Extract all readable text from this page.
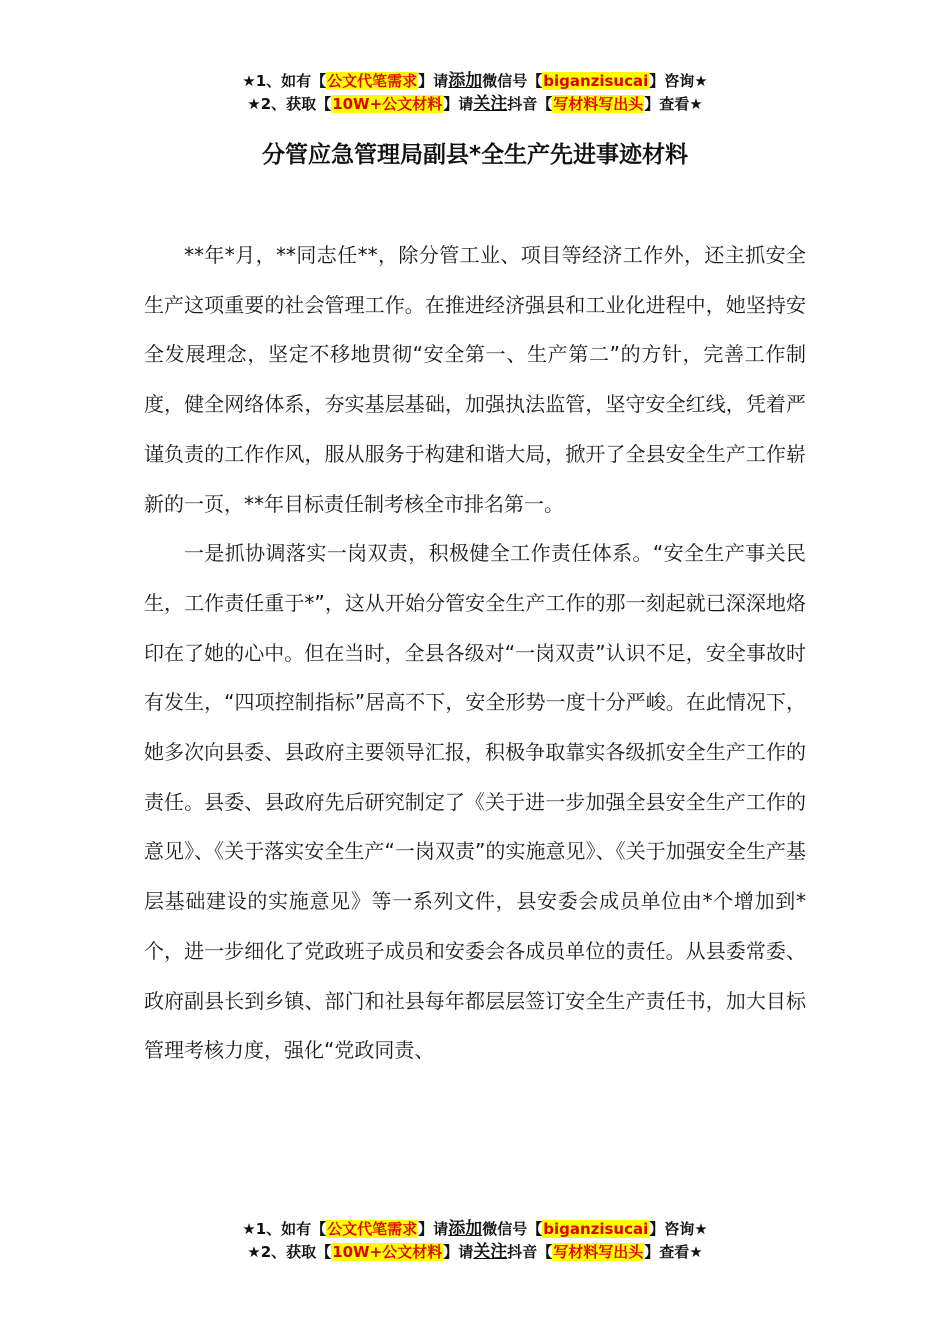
★1、如有【公文代笔需求】请添加微信号【biganzisucai】咨询★
★2、获取【10W+公文材料】请关注抖音【写材料写出头】查看★
分管应急管理局副县*全生产先进事迹材料

**年*月，**同志任**，除分管工业、项目等经济工作外，还主抓安全生产这项重要的社会管理工作。在推进经济强县和工业化进程中，她坚持安全发展理念，坚定不移地贯彻“安全第一、生产第二”的方针，完善工作制度，健全网络体系，夯实基层基础，加强执法监管，坚守安全红线，凭着严谨负责的工作作风，服从服务于构建和谐大局，掀开了全县安全生产工作崭新的一页，**年目标责任制考核全市排名第一。

一是抓协调落实一岗双责，积极健全工作责任体系。“安全生产事关民生，工作责任重于*”，这从开始分管安全生产工作的那一刻起就已深深地烙印在了她的心中。但在当时，全县各级对“一岗双责”认识不足，安全事故时有发生，“四项控制指标”居高不下，安全形势一度十分严峻。在此情况下，她多次向县委、县政府主要领导汇报，积极争取靠实各级抓安全生产工作的责任。县委、县政府先后研究制定了《关于进一步加强全县安全生产工作的意见》、《关于落实安全生产“一岗双责”的实施意见》、《关于加强安全生产基层基础建设的实施意见》等一系列文件，县安委会成员单位由*个增加到*个，进一步细化了党政班子成员和安委会各成员单位的责任。从县委常委、政府副县长到乡镇、部门和社县每年都层层签订安全生产责任书，加大目标管理考核力度，强化“党政同责、

★1、如有【公文代笔需求】请添加微信号【biganzisucai】咨询★
★2、获取【10W+公文材料】请关注抖音【写材料写出头】查看★
